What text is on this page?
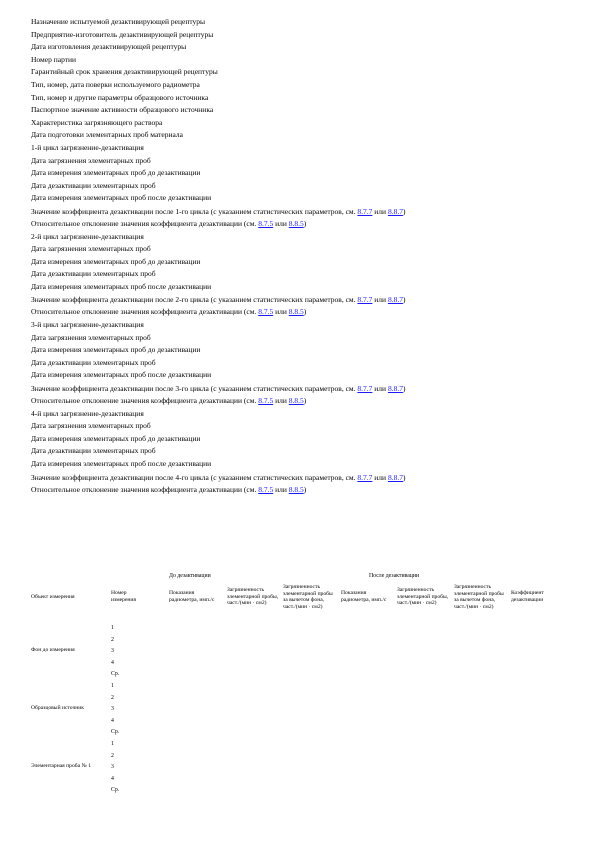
Назначение испытуемой дезактивирующей рецептуры
Предприятие-изготовитель дезактивирующей рецептуры
Дата изготовления дезактивирующей рецептуры
Номер партии
Гарантийный срок хранения дезактивирующей рецептуры
Тип, номер, дата поверки используемого радиометра
Тип, номер и другие параметры образцового источника
Паспортное значение активности образцового источника
Характеристика загрязняющего раствора
Дата подготовки элементарных проб материала
1-й цикл загрязнение-дезактивация
Дата загрязнения элементарных проб
Дата измерения элементарных проб до дезактивации
Дата дезактивации элементарных проб
Дата измерения элементарных проб после дезактивации
Значение коэффициента дезактивации после 1-го цикла (с указанием статистических параметров, см. 8.7.7 или 8.8.7)
Относительное отклонение значения коэффициента дезактивации (см. 8.7.5 или 8.8.5)
2-й цикл загрязнение-дезактивация
Дата загрязнения элементарных проб
Дата измерения элементарных проб до дезактивации
Дата дезактивации элементарных проб
Дата измерения элементарных проб после дезактивации
Значение коэффициента дезактивации после 2-го цикла (с указанием статистических параметров, см. 8.7.7 или 8.8.7)
Относительное отклонение значения коэффициента дезактивации (см. 8.7.5 или 8.8.5)
3-й цикл загрязнение-дезактивация
Дата загрязнения элементарных проб
Дата измерения элементарных проб до дезактивации
Дата дезактивации элементарных проб
Дата измерения элементарных проб после дезактивации
Значение коэффициента дезактивации после 3-го цикла (с указанием статистических параметров, см. 8.7.7 или 8.8.7)
Относительное отклонение значения коэффициента дезактивации (см. 8.7.5 или 8.8.5)
4-й цикл загрязнение-дезактивация
Дата загрязнения элементарных проб
Дата измерения элементарных проб до дезактивации
Дата дезактивации элементарных проб
Дата измерения элементарных проб после дезактивации
Значение коэффициента дезактивации после 4-го цикла (с указанием статистических параметров, см. 8.7.7 или 8.8.7)
Относительное отклонение значения коэффициента дезактивации (см. 8.7.5 или 8.8.5)
До дезактивации	После дезактивации
Объект измерения
Номер измерения
Показания радиометра, имп./с
Загрязненность элементарной пробы, част./(мин · см2)
Загрязненность элементарной пробы за вычетом фона, част./(мин · см2)
Показания радиометра, имп./с
Загрязненность элементарной пробы, част./(мин · см2)
Загрязненность элементарной пробы за вычетом фона, част./(мин · см2)
Коэффициент дезактивации
Фон до измерения
1
2
3
4
Ср.
Образцовый источник
1
2
3
4
Ср.
Элементарная проба № 1
1
2
3
4
Ср.
